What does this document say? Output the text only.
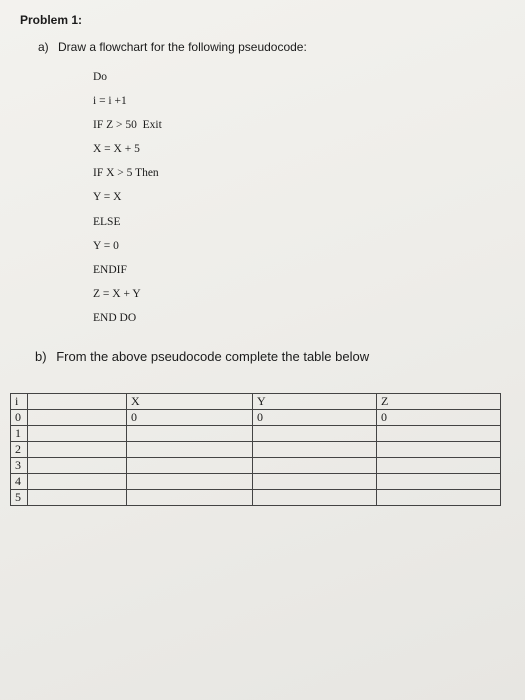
Problem 1:
a) Draw a flowchart for the following pseudocode:
Do
i = i +1
IF Z > 50  Exit
X = X + 5
IF X > 5 Then
Y = X
ELSE
Y = 0
ENDIF
Z = X + Y
END DO
b) From the above pseudocode complete the table below
i	X	Y	Z
0	0	0	0
1			
2			
3			
4			
5			
